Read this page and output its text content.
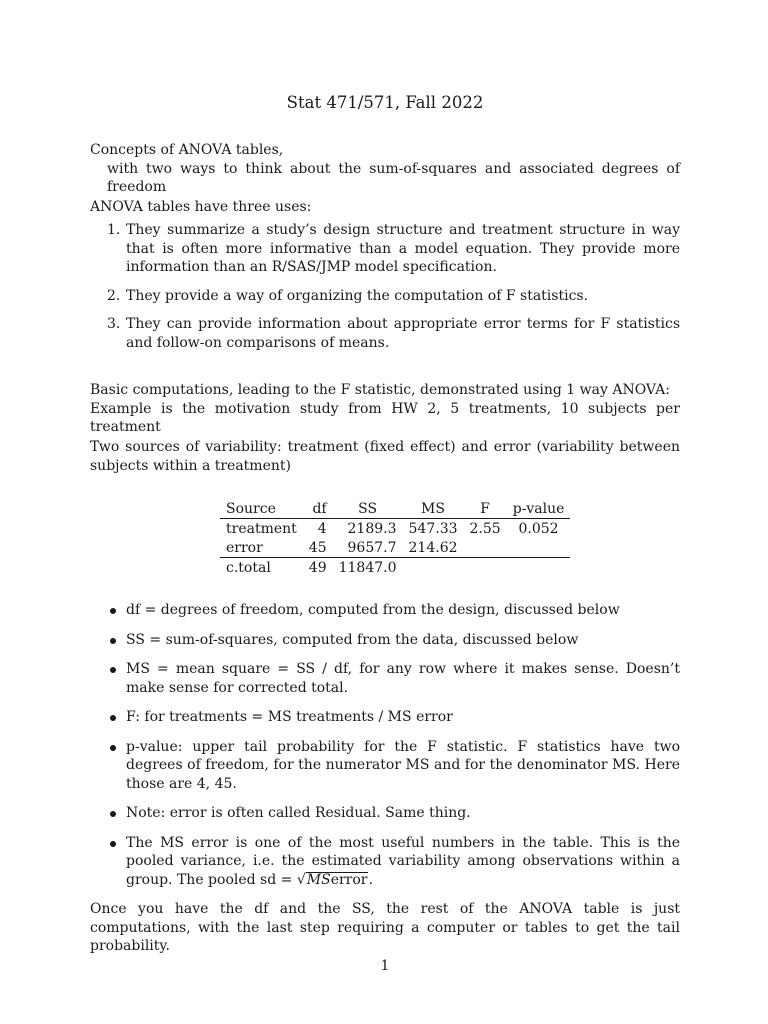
Stat 471/571, Fall 2022

Concepts of ANOVA tables,

with two ways to think about the sum-of-squares and associated degrees of freedom

ANOVA tables have three uses:

1. They summarize a study’s design structure and treatment structure in way that is often more informative than a model equation. They provide more information than an R/SAS/JMP model specification.
2. They provide a way of organizing the computation of F statistics.
3. They can provide information about appropriate error terms for F statistics and follow-on comparisons of means.

Basic computations, leading to the F statistic, demonstrated using 1 way ANOVA:

Example is the motivation study from HW 2, 5 treatments, 10 subjects per treatment

Two sources of variability: treatment (fixed effect) and error (variability between subjects within a treatment)

Source	df	SS	MS	F	p-value
treatment	4	2189.3	547.33	2.55	0.052
error	45	9657.7	214.62		
c.total	49	11847.0			
df = degrees of freedom, computed from the design, discussed below
SS = sum-of-squares, computed from the data, discussed below
MS = mean square = SS / df, for any row where it makes sense. Doesn’t make sense for corrected total.
F: for treatments = MS treatments / MS error
p-value: upper tail probability for the F statistic. F statistics have two degrees of freedom, for the numerator MS and for the denominator MS. Here those are 4, 45.
Note: error is often called Residual. Same thing.
The MS error is one of the most useful numbers in the table. This is the pooled variance, i.e. the estimated variability among observations within a group. The pooled sd = √MSerror.

Once you have the df and the SS, the rest of the ANOVA table is just computations, with the last step requiring a computer or tables to get the tail probability.

1
